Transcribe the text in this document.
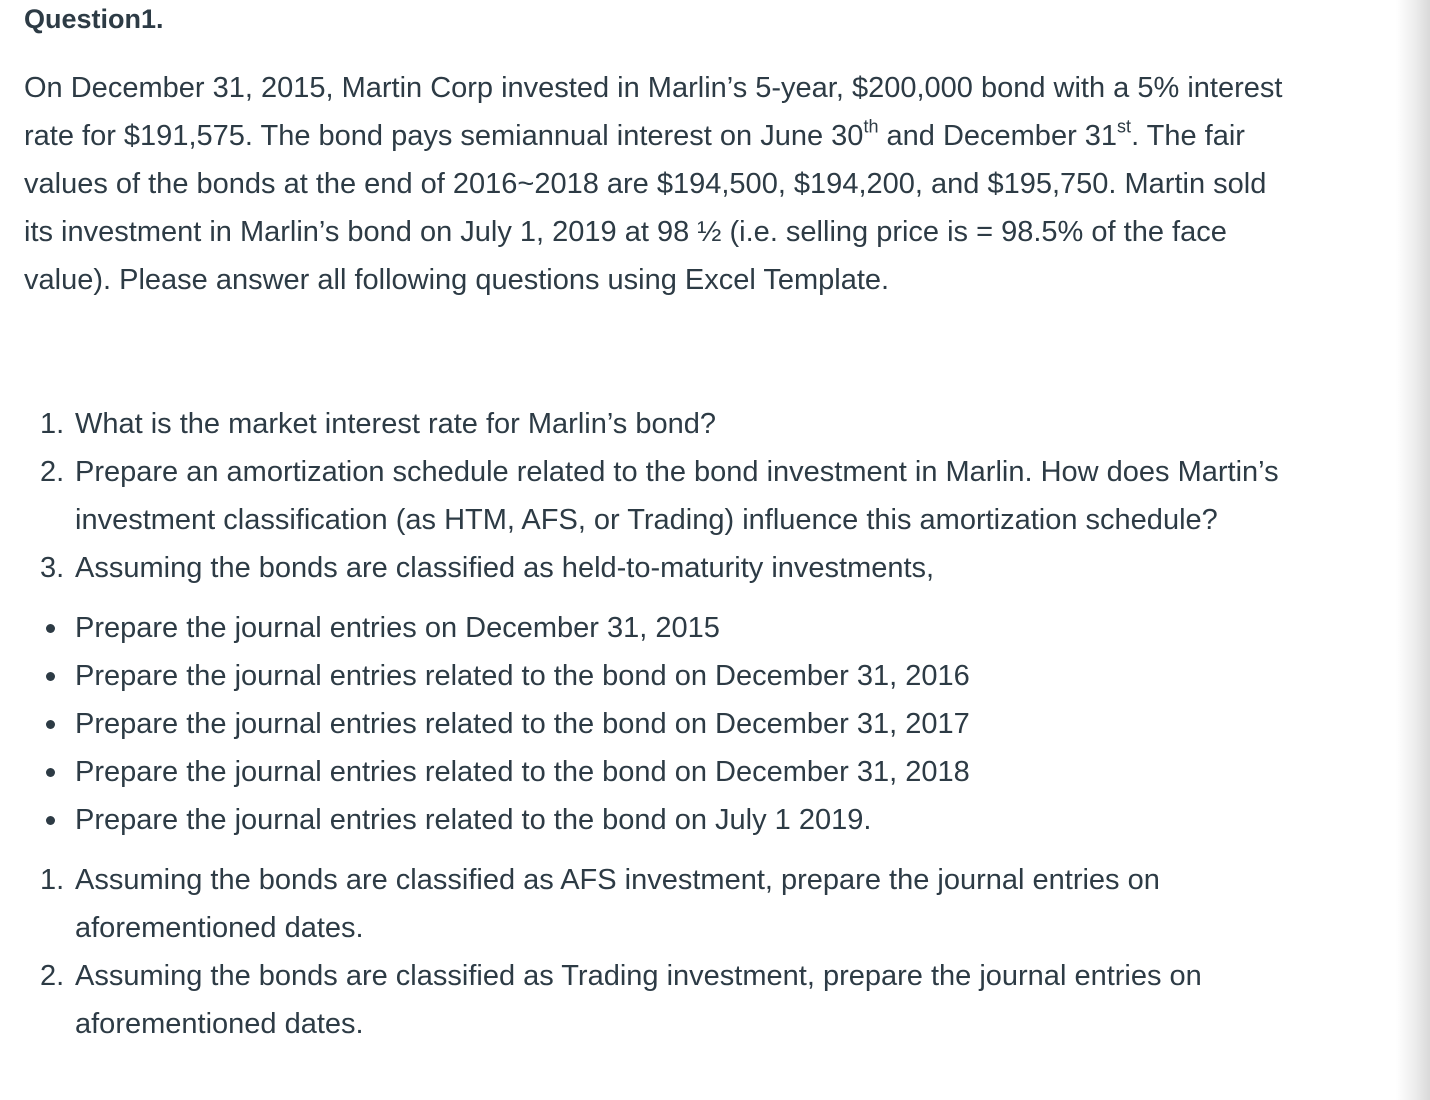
Question1.

On December 31, 2015, Martin Corp invested in Marlin’s 5-year, $200,000 bond with a 5% interest
rate for $191,575. The bond pays semiannual interest on June 30th and December 31st. The fair
values of the bonds at the end of 2016~2018 are $194,500, $194,200, and $195,750. Martin sold
its investment in Marlin’s bond on July 1, 2019 at 98 ½ (i.e. selling price is = 98.5% of the face
value). Please answer all following questions using Excel Template.

1. What is the market interest rate for Marlin’s bond?
2. Prepare an amortization schedule related to the bond investment in Marlin. How does Martin’s
investment classification (as HTM, AFS, or Trading) influence this amortization schedule?
3. Assuming the bonds are classified as held-to-maturity investments,
Prepare the journal entries on December 31, 2015
Prepare the journal entries related to the bond on December 31, 2016
Prepare the journal entries related to the bond on December 31, 2017
Prepare the journal entries related to the bond on December 31, 2018
Prepare the journal entries related to the bond on July 1 2019.
1. Assuming the bonds are classified as AFS investment, prepare the journal entries on
aforementioned dates.
2. Assuming the bonds are classified as Trading investment, prepare the journal entries on
aforementioned dates.
